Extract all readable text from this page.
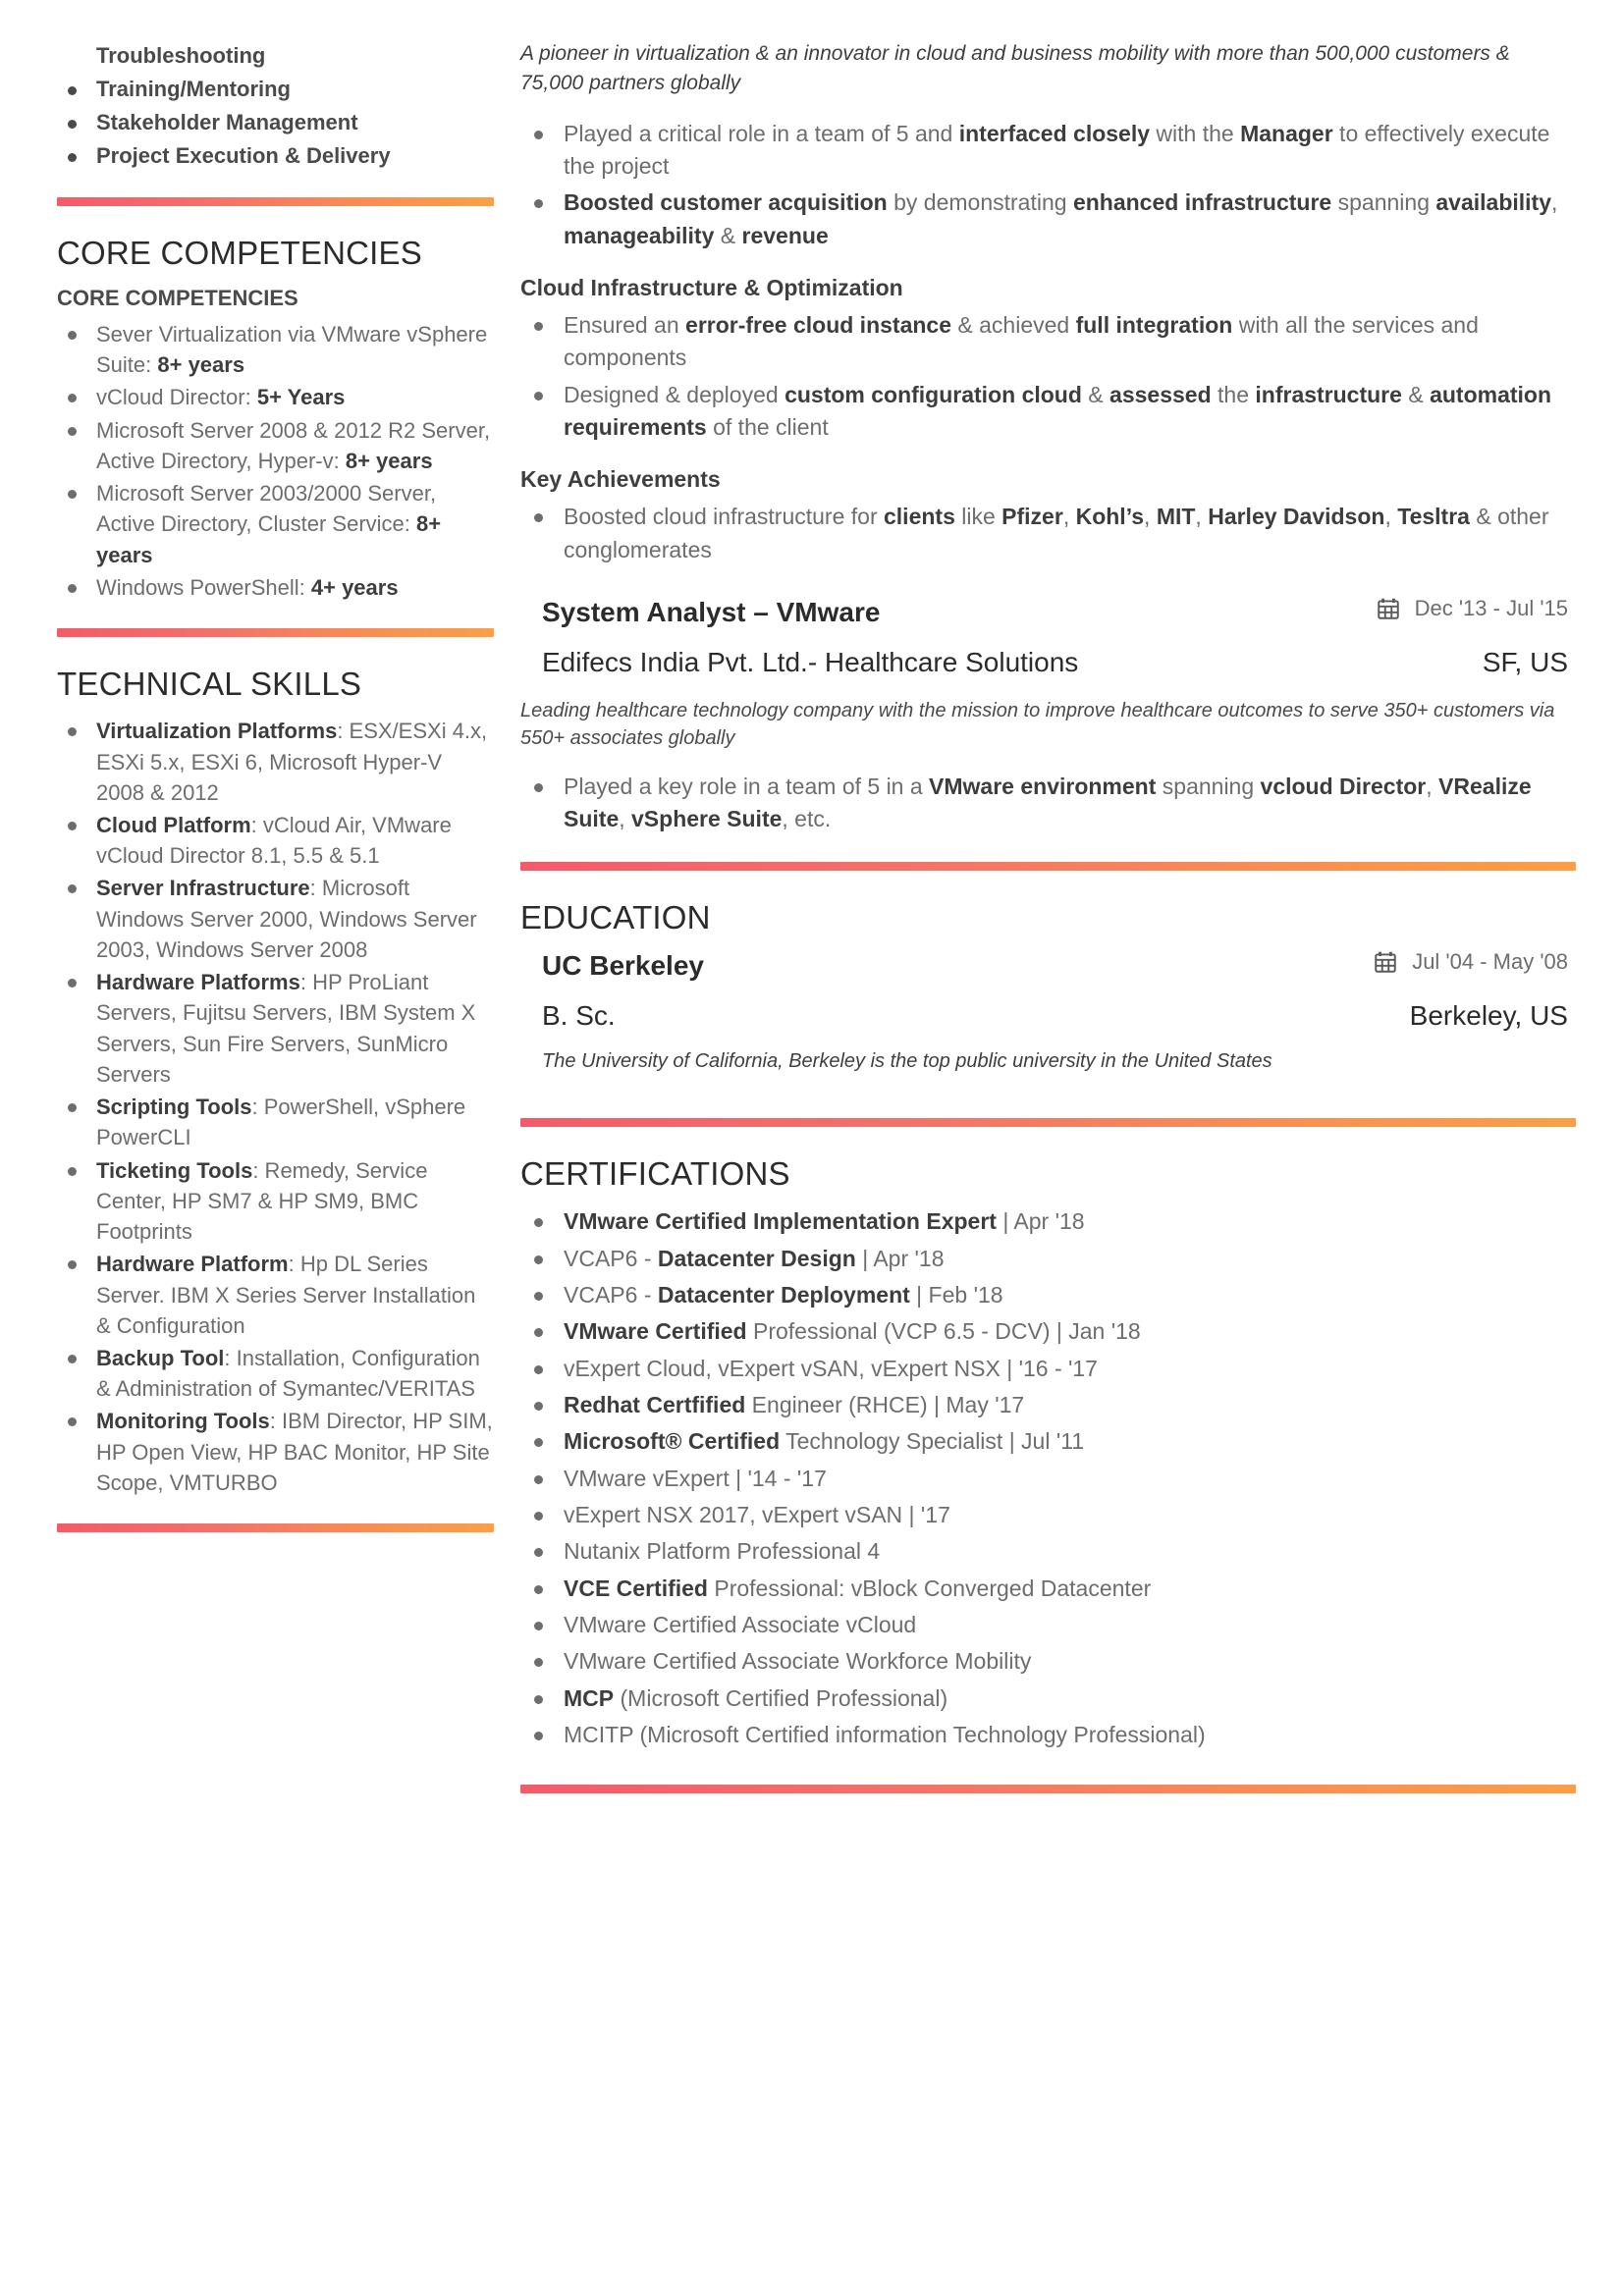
Troubleshooting
Training/Mentoring
Stakeholder Management
Project Execution & Delivery
CORE COMPETENCIES
CORE COMPETENCIES
Sever Virtualization via VMware vSphere Suite: 8+ years
vCloud Director: 5+ Years
Microsoft Server 2008 & 2012 R2 Server, Active Directory, Hyper-v: 8+ years
Microsoft Server 2003/2000 Server, Active Directory, Cluster Service: 8+ years
Windows PowerShell: 4+ years
TECHNICAL SKILLS
Virtualization Platforms: ESX/ESXi 4.x, ESXi 5.x, ESXi 6, Microsoft Hyper-V 2008 & 2012
Cloud Platform: vCloud Air, VMware vCloud Director 8.1, 5.5 & 5.1
Server Infrastructure: Microsoft Windows Server 2000, Windows Server 2003, Windows Server 2008
Hardware Platforms: HP ProLiant Servers, Fujitsu Servers, IBM System X Servers, Sun Fire Servers, SunMicro Servers
Scripting Tools: PowerShell, vSphere PowerCLI
Ticketing Tools: Remedy, Service Center, HP SM7 & HP SM9, BMC Footprints
Hardware Platform: Hp DL Series Server. IBM X Series Server Installation & Configuration
Backup Tool: Installation, Configuration & Administration of Symantec/VERITAS
Monitoring Tools: IBM Director, HP SIM, HP Open View, HP BAC Monitor, HP Site Scope, VMTURBO
A pioneer in virtualization & an innovator in cloud and business mobility with more than 500,000 customers & 75,000 partners globally
Played a critical role in a team of 5 and interfaced closely with the Manager to effectively execute the project
Boosted customer acquisition by demonstrating enhanced infrastructure spanning availability, manageability & revenue
Cloud Infrastructure & Optimization
Ensured an error-free cloud instance & achieved full integration with all the services and components
Designed & deployed custom configuration cloud & assessed the infrastructure & automation requirements of the client
Key Achievements
Boosted cloud infrastructure for clients like Pfizer, Kohl’s, MIT, Harley Davidson, Tesltra & other conglomerates
System Analyst – VMware	Dec '13 - Jul '15
Edifecs India Pvt. Ltd.- Healthcare Solutions	SF, US
Leading healthcare technology company with the mission to improve healthcare outcomes to serve 350+ customers via 550+ associates globally
Played a key role in a team of 5 in a VMware environment spanning vcloud Director, VRealize Suite, vSphere Suite, etc.
EDUCATION
UC Berkeley	Jul '04 - May '08
B. Sc.	Berkeley, US
The University of California, Berkeley is the top public university in the United States
CERTIFICATIONS
VMware Certified Implementation Expert | Apr '18
VCAP6 - Datacenter Design | Apr '18
VCAP6 - Datacenter Deployment | Feb '18
VMware Certified Professional (VCP 6.5 - DCV) | Jan '18
vExpert Cloud, vExpert vSAN, vExpert NSX | '16 - '17
Redhat Certfified Engineer (RHCE) | May '17
Microsoft® Certified Technology Specialist | Jul '11
VMware vExpert | '14 - '17
vExpert NSX 2017, vExpert vSAN | '17
Nutanix Platform Professional 4
VCE Certified Professional: vBlock Converged Datacenter
VMware Certified Associate vCloud
VMware Certified Associate Workforce Mobility
MCP (Microsoft Certified Professional)
MCITP (Microsoft Certified information Technology Professional)
